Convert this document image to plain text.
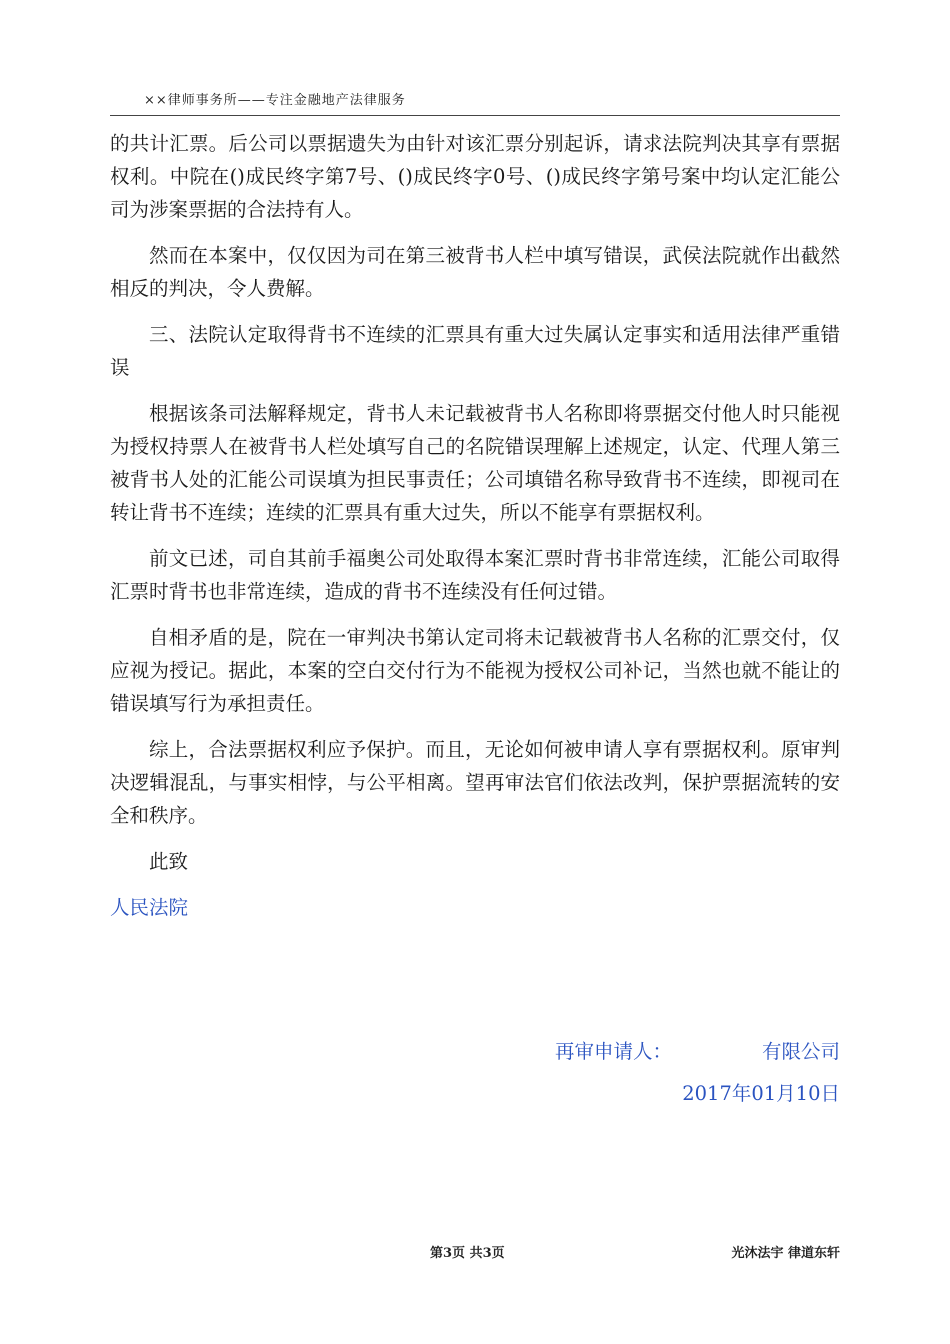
××律师事务所——专注金融地产法律服务

的共计汇票。后公司以票据遗失为由针对该汇票分别起诉，请求法院判决其享有票据权利。中院在()成民终字第7号、()成民终字0号、()成民终字第号案中均认定汇能公司为涉案票据的合法持有人。

然而在本案中，仅仅因为司在第三被背书人栏中填写错误，武侯法院就作出截然相反的判决，令人费解。

三、法院认定取得背书不连续的汇票具有重大过失属认定事实和适用法律严重错误

根据该条司法解释规定，背书人未记载被背书人名称即将票据交付他人时只能视为授权持票人在被背书人栏处填写自己的名院错误理解上述规定，认定、代理人第三被背书人处的汇能公司误填为担民事责任；公司填错名称导致背书不连续，即视司在转让背书不连续；连续的汇票具有重大过失，所以不能享有票据权利。

前文已述，司自其前手福奥公司处取得本案汇票时背书非常连续，汇能公司取得汇票时背书也非常连续，造成的背书不连续没有任何过错。

自相矛盾的是，院在一审判决书第认定司将未记载被背书人名称的汇票交付，仅应视为授记。据此，本案的空白交付行为不能视为授权公司补记，当然也就不能让的错误填写行为承担责任。

综上，合法票据权利应予保护。而且，无论如何被申请人享有票据权利。原审判决逻辑混乱，与事实相悖，与公平相离。望再审法官们依法改判，保护票据流转的安全和秩序。

此致

人民法院

再审申请人：	有限公司
2017年01月10日
第3页 共3页	光沐法宇 律道东轩
